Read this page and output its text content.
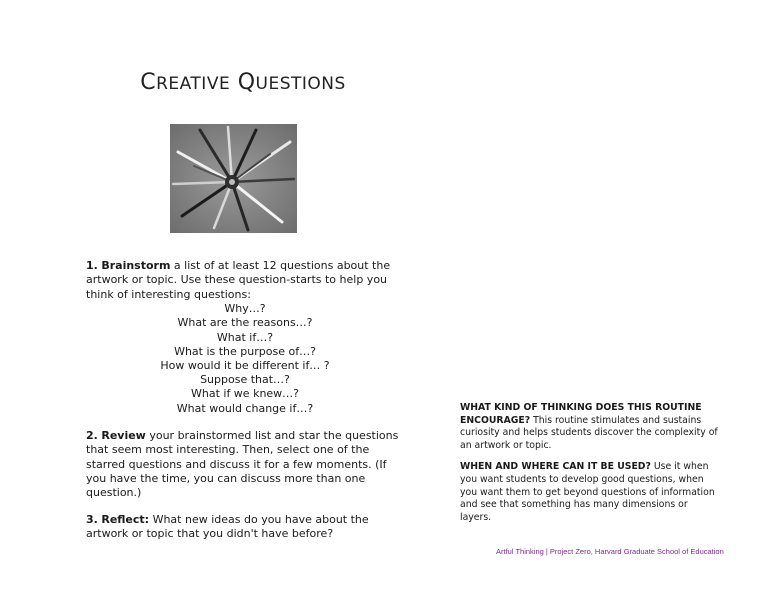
CREATIVE QUESTIONS

1. Brainstorm a list of at least 12 questions about the artwork or topic. Use these question-starts to help you think of interesting questions:

Why…?
What are the reasons…?
What if…?
What is the purpose of…?
How would it be different if… ?
Suppose that…?
What if we knew…?
What would change if…?

2. Review your brainstormed list and star the questions that seem most interesting. Then, select one of the starred questions and discuss it for a few moments. (If you have the time, you can discuss more than one question.)

3. Reflect: What new ideas do you have about the artwork or topic that you didn't have before?

WHAT KIND OF THINKING DOES THIS ROUTINE ENCOURAGE? This routine stimulates and sustains curiosity and helps students discover the complexity of an artwork or topic.

WHEN AND WHERE CAN IT BE USED? Use it when you want students to develop good questions, when you want them to get beyond questions of information and see that something has many dimensions or layers.

Artful Thinking | Project Zero, Harvard Graduate School of Education
